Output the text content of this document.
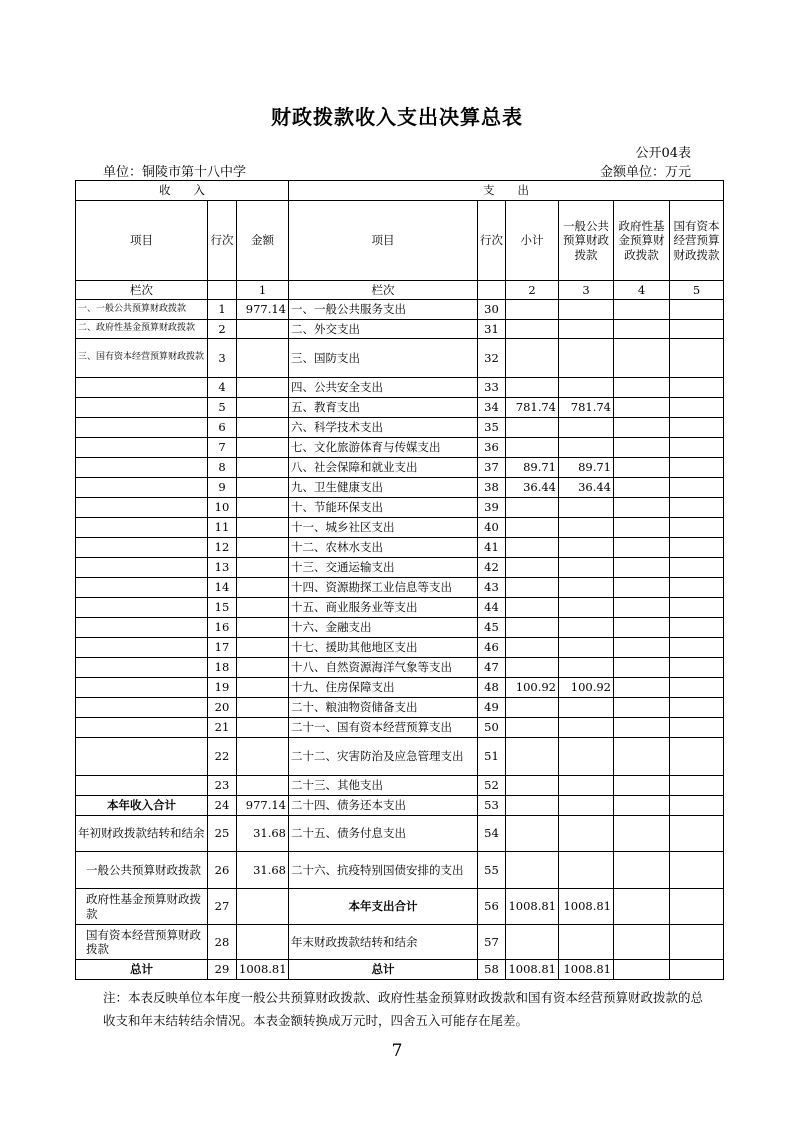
财政拨款收入支出决算总表
公开04表
单位：铜陵市第十八中学	金额单位：万元
收　　入			支　　出					
项目	行次	金额	项目	行次	小计	一般公共预算财政拨款	政府性基金预算财政拨款	国有资本经营预算财政拨款
栏次		1	栏次		2	3	4	5
一、一般公共预算财政拨款	1	977.14	一、一般公共服务支出	30				
二、政府性基金预算财政拨款	2		二、外交支出	31				
三、国有资本经营预算财政拨款	3		三、国防支出	32				
	4		四、公共安全支出	33				
	5		五、教育支出	34	781.74	781.74		
	6		六、科学技术支出	35				
	7		七、文化旅游体育与传媒支出	36				
	8		八、社会保障和就业支出	37	89.71	89.71		
	9		九、卫生健康支出	38	36.44	36.44		
	10		十、节能环保支出	39				
	11		十一、城乡社区支出	40				
	12		十二、农林水支出	41				
	13		十三、交通运输支出	42				
	14		十四、资源勘探工业信息等支出	43				
	15		十五、商业服务业等支出	44				
	16		十六、金融支出	45				
	17		十七、援助其他地区支出	46				
	18		十八、自然资源海洋气象等支出	47				
	19		十九、住房保障支出	48	100.92	100.92		
	20		二十、粮油物资储备支出	49				
	21		二十一、国有资本经营预算支出	50				
	22		二十二、灾害防治及应急管理支出	51				
	23		二十三、其他支出	52				
本年收入合计	24	977.14	二十四、债务还本支出	53				
年初财政拨款结转和结余	25	31.68	二十五、债务付息支出	54				
一般公共预算财政拨款	26	31.68	二十六、抗疫特别国债安排的支出	55				
政府性基金预算财政拨款	27		本年支出合计	56	1008.81	1008.81		
国有资本经营预算财政拨款	28		年末财政拨款结转和结余	57				
总计	29	1008.81	总计	58	1008.81	1008.81		
注：本表反映单位本年度一般公共预算财政拨款、政府性基金预算财政拨款和国有资本经营预算财政拨款的总收支和年末结转结余情况。本表金额转换成万元时，四舍五入可能存在尾差。
7
